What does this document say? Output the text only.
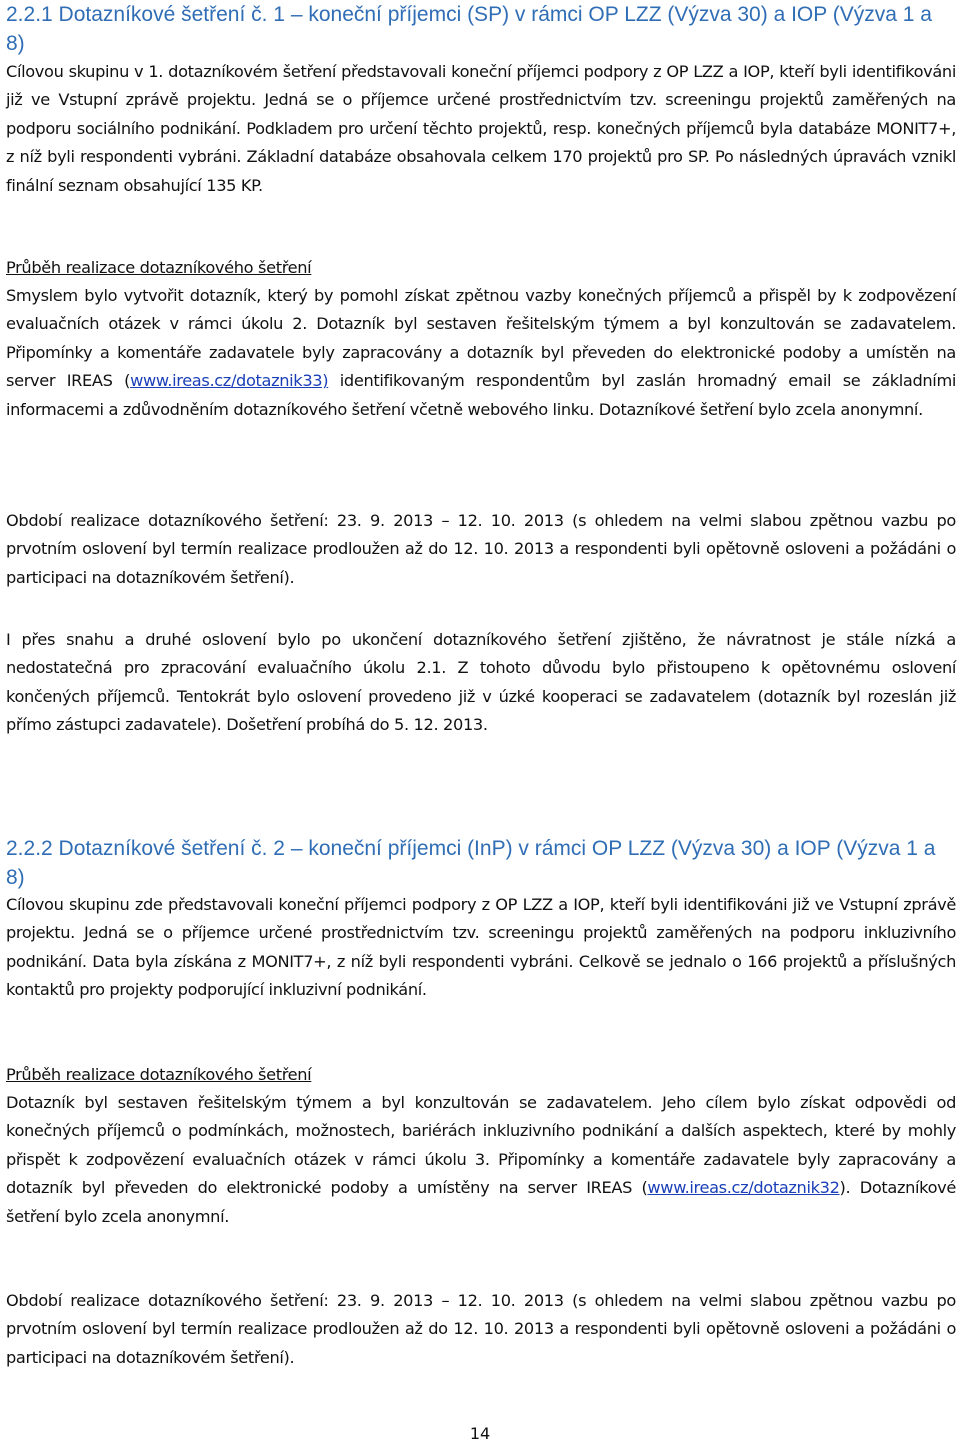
2.2.1 Dotazníkové šetření č. 1 – koneční příjemci (SP) v rámci OP LZZ (Výzva 30) a IOP (Výzva 1 a 8)

Cílovou skupinu v 1. dotazníkovém šetření představovali koneční příjemci podpory z OP LZZ a IOP, kteří byli identifikováni již ve Vstupní zprávě projektu. Jedná se o příjemce určené prostřednictvím tzv. screeningu projektů zaměřených na podporu sociálního podnikání. Podkladem pro určení těchto projektů, resp. konečných příjemců byla databáze MONIT7+, z níž byli respondenti vybráni. Základní databáze obsahovala celkem 170 projektů pro SP. Po následných úpravách vznikl finální seznam obsahující 135 KP.

Průběh realizace dotazníkového šetření

Smyslem bylo vytvořit dotazník, který by pomohl získat zpětnou vazby konečných příjemců a přispěl by k zodpovězení evaluačních otázek v rámci úkolu 2. Dotazník byl sestaven řešitelským týmem a byl konzultován se zadavatelem. Připomínky a komentáře zadavatele byly zapracovány a dotazník byl převeden do elektronické podoby a umístěn na server IREAS (www.ireas.cz/dotaznik33) identifikovaným respondentům byl zaslán hromadný email se základními informacemi a zdůvodněním dotazníkového šetření včetně webového linku. Dotazníkové šetření bylo zcela anonymní.

Období realizace dotazníkového šetření: 23. 9. 2013 – 12. 10. 2013 (s ohledem na velmi slabou zpětnou vazbu po prvotním oslovení byl termín realizace prodloužen až do 12. 10. 2013 a respondenti byli opětovně osloveni a požádáni o participaci na dotazníkovém šetření).

I přes snahu a druhé oslovení bylo po ukončení dotazníkového šetření zjištěno, že návratnost je stále nízká a nedostatečná pro zpracování evaluačního úkolu 2.1. Z tohoto důvodu bylo přistoupeno k opětovnému oslovení končených příjemců. Tentokrát bylo oslovení provedeno již v úzké kooperaci se zadavatelem (dotazník byl rozeslán již přímo zástupci zadavatele). Došetření probíhá do 5. 12. 2013.

2.2.2 Dotazníkové šetření č. 2 – koneční příjemci (InP) v rámci OP LZZ (Výzva 30) a IOP (Výzva 1 a 8)

Cílovou skupinu zde představovali koneční příjemci podpory z OP LZZ a IOP, kteří byli identifikováni již ve Vstupní zprávě projektu. Jedná se o příjemce určené prostřednictvím tzv. screeningu projektů zaměřených na podporu inkluzivního podnikání. Data byla získána z MONIT7+, z níž byli respondenti vybráni. Celkově se jednalo o 166 projektů a příslušných kontaktů pro projekty podporující inkluzivní podnikání.

Průběh realizace dotazníkového šetření

Dotazník byl sestaven řešitelským týmem a byl konzultován se zadavatelem. Jeho cílem bylo získat odpovědi od konečných příjemců o podmínkách, možnostech, bariérách inkluzivního podnikání a dalších aspektech, které by mohly přispět k zodpovězení evaluačních otázek v rámci úkolu 3. Připomínky a komentáře zadavatele byly zapracovány a dotazník byl převeden do elektronické podoby a umístěny na server IREAS (www.ireas.cz/dotaznik32). Dotazníkové šetření bylo zcela anonymní.

Období realizace dotazníkového šetření: 23. 9. 2013 – 12. 10. 2013 (s ohledem na velmi slabou zpětnou vazbu po prvotním oslovení byl termín realizace prodloužen až do 12. 10. 2013 a respondenti byli opětovně osloveni a požádáni o participaci na dotazníkovém šetření).

14
